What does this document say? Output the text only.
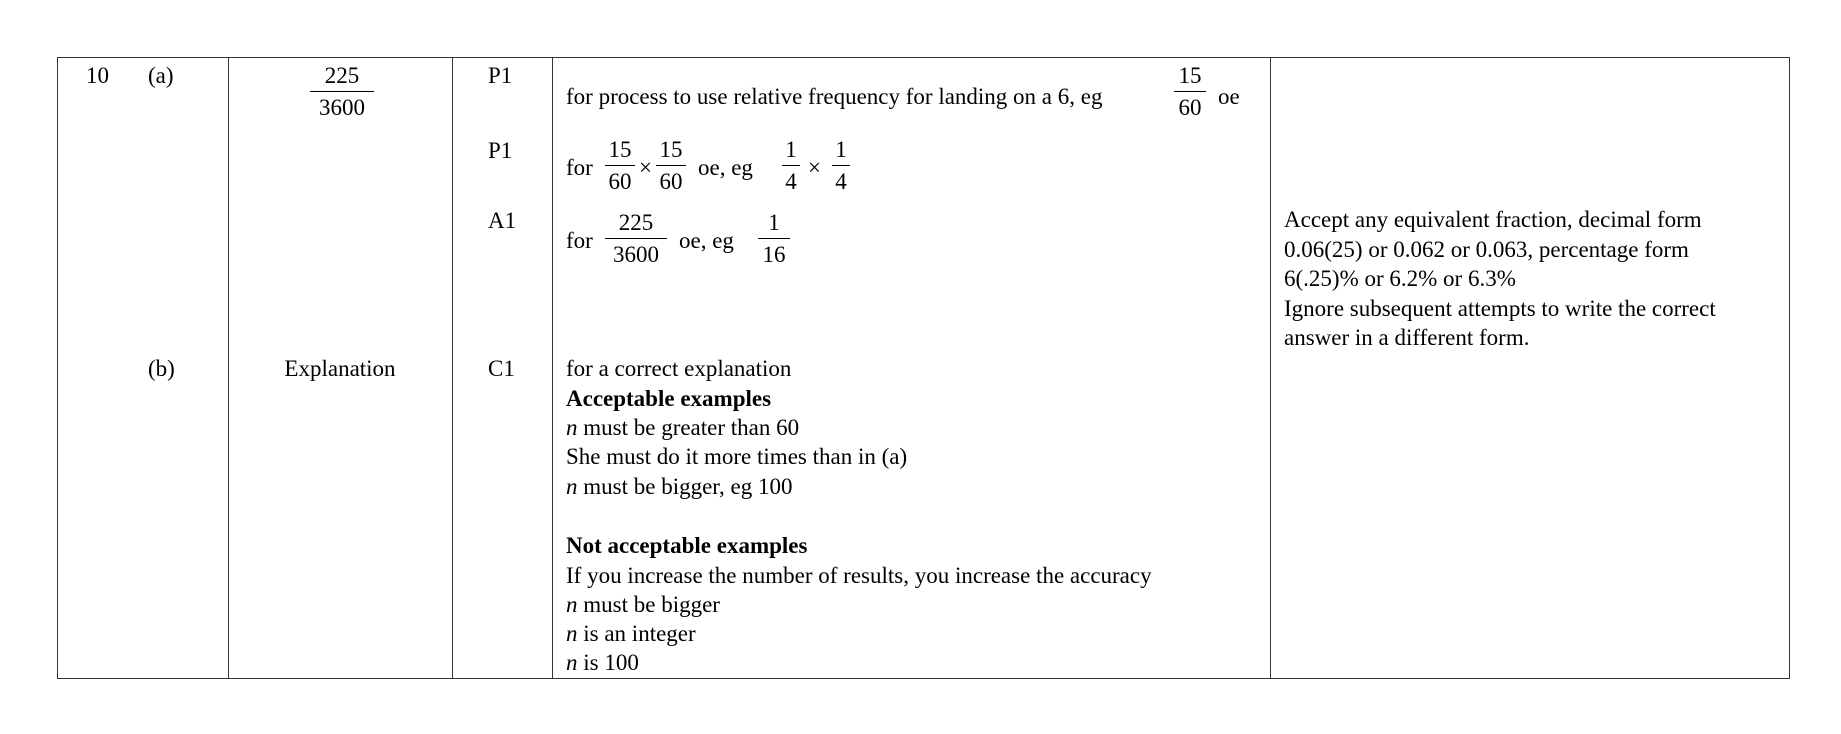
10 (a)
(b)
225
3600
Explanation
P1
P1
A1
C1
for process to use relative frequency for landing on a 6, eg
15
60 oe
for
15
60
×
15
60
oe, eg
1
4
×
1
4
for
225
3600
oe, eg
1
16
for a correct explanation
Acceptable examples
n must be greater than 60
She must do it more times than in (a)
n must be bigger, eg 100
Not acceptable examples
If you increase the number of results, you increase the accuracy
n must be bigger
n is an integer
n is 100
Accept any equivalent fraction, decimal form
0.06(25) or 0.062 or 0.063, percentage form
6(.25)% or 6.2% or 6.3%
Ignore subsequent attempts to write the correct
answer in a different form.
